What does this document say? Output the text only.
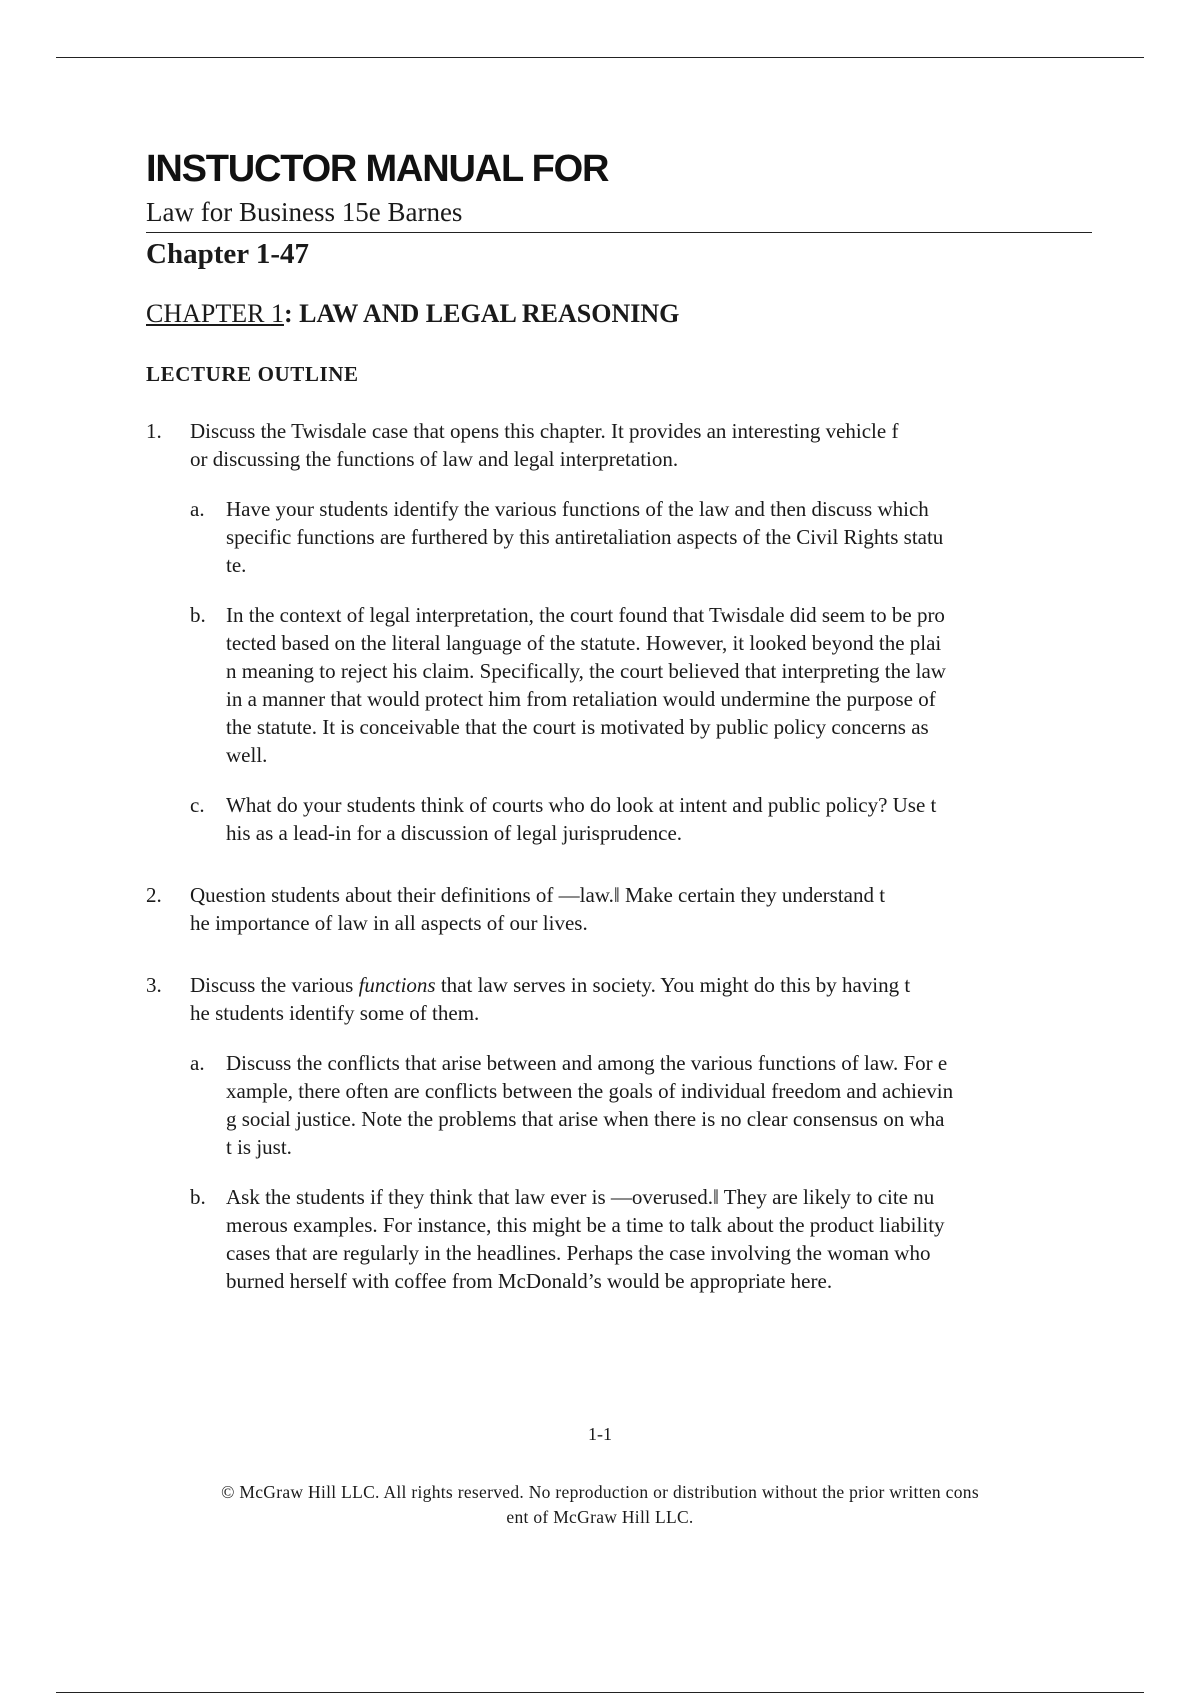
INSTUCTOR MANUAL FOR
Law for Business 15e Barnes
Chapter 1-47
CHAPTER 1: LAW AND LEGAL REASONING
LECTURE OUTLINE
1. Discuss the Twisdale case that opens this chapter. It provides an interesting vehicle f
or discussing the functions of law and legal interpretation.
a. Have your students identify the various functions of the law and then discuss which
specific functions are furthered by this antiretaliation aspects of the Civil Rights statu
te.
b. In the context of legal interpretation, the court found that Twisdale did seem to be pro
tected based on the literal language of the statute. However, it looked beyond the plai
n meaning to reject his claim. Specifically, the court believed that interpreting the law
in a manner that would protect him from retaliation would undermine the purpose of
the statute. It is conceivable that the court is motivated by public policy concerns as
well.
c. What do your students think of courts who do look at intent and public policy? Use t
his as a lead-in for a discussion of legal jurisprudence.
2. Question students about their definitions of —law.‖ Make certain they understand t
he importance of law in all aspects of our lives.
3. Discuss the various functions that law serves in society. You might do this by having t
he students identify some of them.
a. Discuss the conflicts that arise between and among the various functions of law. For e
xample, there often are conflicts between the goals of individual freedom and achievin
g social justice. Note the problems that arise when there is no clear consensus on wha
t is just.
b. Ask the students if they think that law ever is —overused.‖ They are likely to cite nu
merous examples. For instance, this might be a time to talk about the product liability
cases that are regularly in the headlines. Perhaps the case involving the woman who
burned herself with coffee from McDonald’s would be appropriate here.
1-1
© McGraw Hill LLC. All rights reserved. No reproduction or distribution without the prior written cons
ent of McGraw Hill LLC.
